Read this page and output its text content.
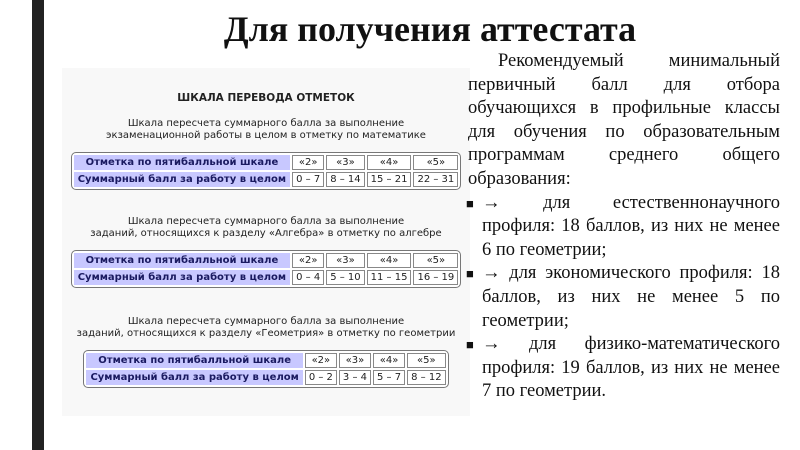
Для получения аттестата
ШКАЛА ПЕРЕВОДА ОТМЕТОК
Шкала пересчета суммарного балла за выполнение
экзаменационной работы в целом в отметку по математике
Отметка по пятибалльной шкале	«2»	«3»	«4»	«5»
Суммарный балл за работу в целом	0 – 7	8 – 14	15 – 21	22 – 31
Шкала пересчета суммарного балла за выполнение
заданий, относящихся к разделу «Алгебра» в отметку по алгебре
Отметка по пятибалльной шкале	«2»	«3»	«4»	«5»
Суммарный балл за работу в целом	0 – 4	5 – 10	11 – 15	16 – 19
Шкала пересчета суммарного балла за выполнение
заданий, относящихся к разделу «Геометрия» в отметку по геометрии
Отметка по пятибалльной шкале	«2»	«3»	«4»	«5»
Суммарный балл за работу в целом	0 – 2	3 – 4	5 – 7	8 – 12

Рекомендуемый минимальный первичный балл для отбора обучающихся в профильные классы для обучения по образовательным программам среднего общего образования:

■ → для естественнонаучного профиля: 18 баллов, из них не менее 6 по геометрии;
■ → для экономического профиля: 18 баллов, из них не менее 5 по геометрии;
■ → для физико-математического профиля: 19 баллов, из них не менее 7 по геометрии.
